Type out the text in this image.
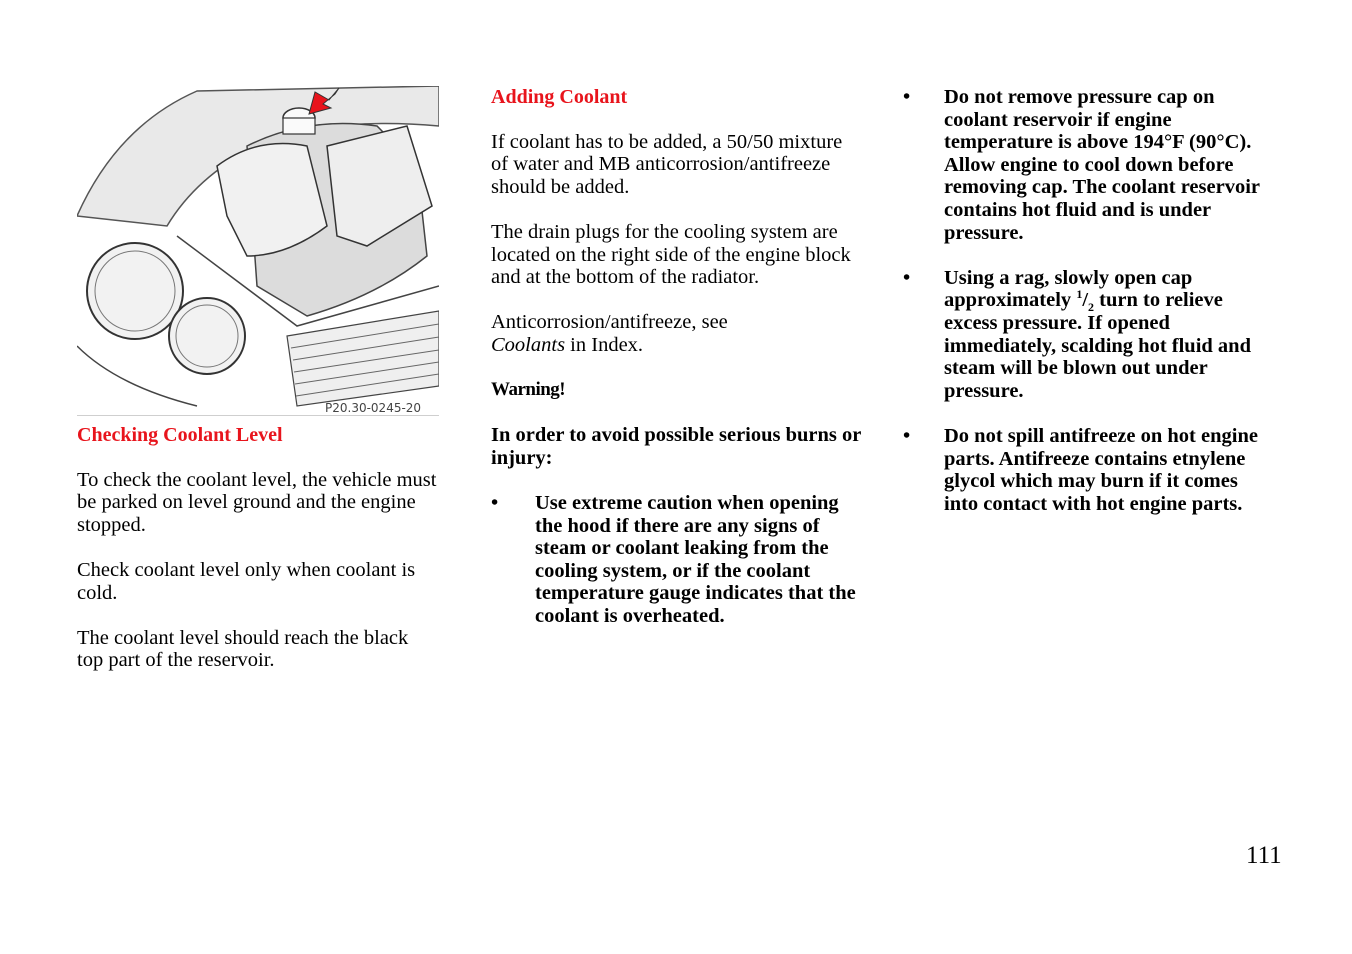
P20.30-0245-20
Checking Coolant Level

To check the coolant level, the vehicle must be parked on level ground and the engine stopped.

Check coolant level only when coolant is cold.

The coolant level should reach the black top part of the reservoir.

Adding Coolant

If coolant has to be added, a 50/50 mixture of water and MB anticorrosion/antifreeze should be added.

The drain plugs for the cooling system are located on the right side of the engine block and at the bottom of the radiator.

Anticorrosion/antifreeze, see
Coolants in Index.

Warning!

In order to avoid possible serious burns or injury:

•	Use extreme caution when opening the hood if there are any signs of steam or coolant leaking from the cooling system, or if the coolant temperature gauge indicates that the coolant is overheated.
•	Do not remove pressure cap on coolant reservoir if engine temperature is above 194°F (90°C). Allow engine to cool down before removing cap. The coolant reservoir contains hot fluid and is under pressure.
•	Using a rag, slowly open cap approximately $^1/_2$ turn to relieve excess pressure. If opened immediately, scalding hot fluid and steam will be blown out under pressure.
•	Do not spill antifreeze on hot engine parts. Antifreeze contains etnylene glycol which may burn if it comes into contact with hot engine parts.
111
